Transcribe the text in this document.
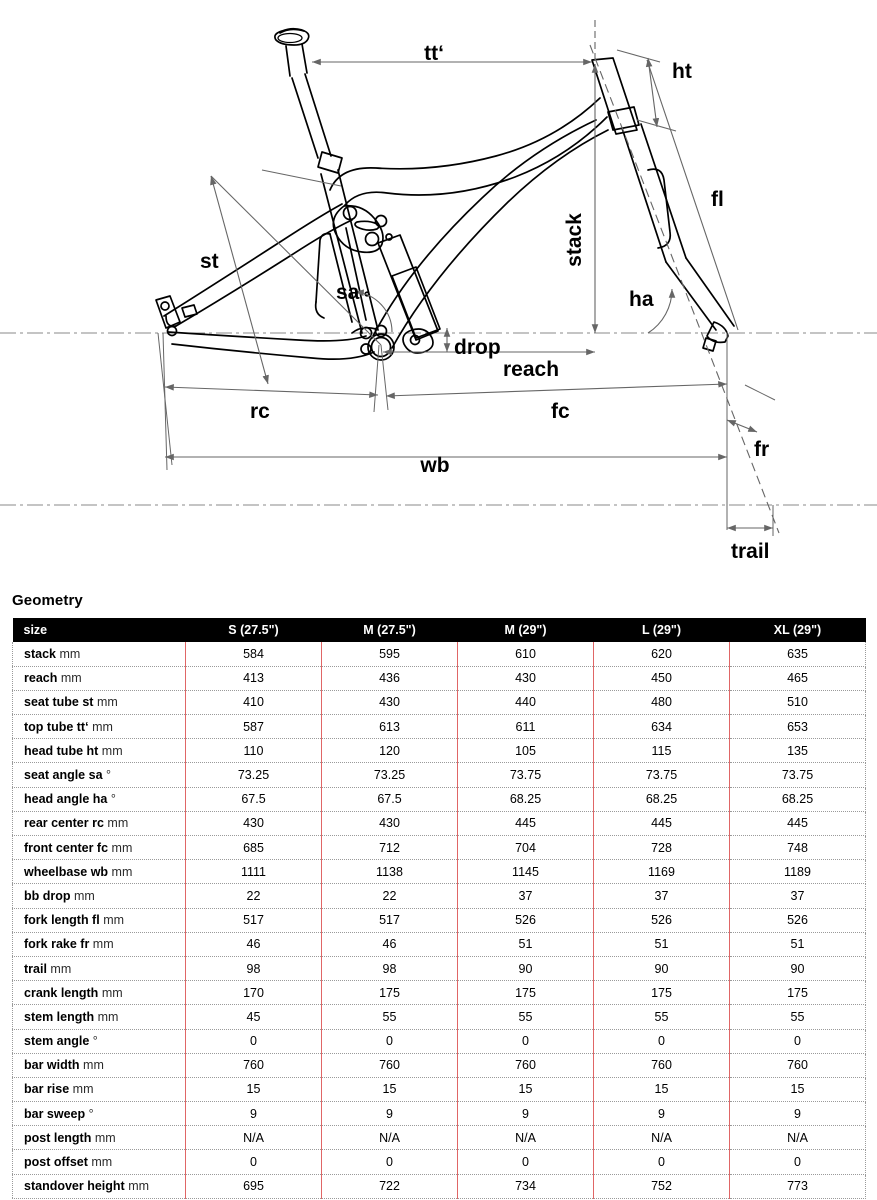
tt‘
ht
fl
stack
st
sa	ha
drop
reach
rc	fc
wb
fr
trail
Geometry
size	S (27.5")	M (27.5")	M (29")	L (29")	XL (29")
stack mm	584	595	610	620	635
reach mm	413	436	430	450	465
seat tube st mm	410	430	440	480	510
top tube tt‘ mm	587	613	611	634	653
head tube ht mm	110	120	105	115	135
seat angle sa °	73.25	73.25	73.75	73.75	73.75
head angle ha °	67.5	67.5	68.25	68.25	68.25
rear center rc mm	430	430	445	445	445
front center fc mm	685	712	704	728	748
wheelbase wb mm	1111	1138	1145	1169	1189
bb drop mm	22	22	37	37	37
fork length fl mm	517	517	526	526	526
fork rake fr mm	46	46	51	51	51
trail mm	98	98	90	90	90
crank length mm	170	175	175	175	175
stem length mm	45	55	55	55	55
stem angle °	0	0	0	0	0
bar width mm	760	760	760	760	760
bar rise mm	15	15	15	15	15
bar sweep °	9	9	9	9	9
post length mm	N/A	N/A	N/A	N/A	N/A
post offset mm	0	0	0	0	0
standover height mm	695	722	734	752	773
